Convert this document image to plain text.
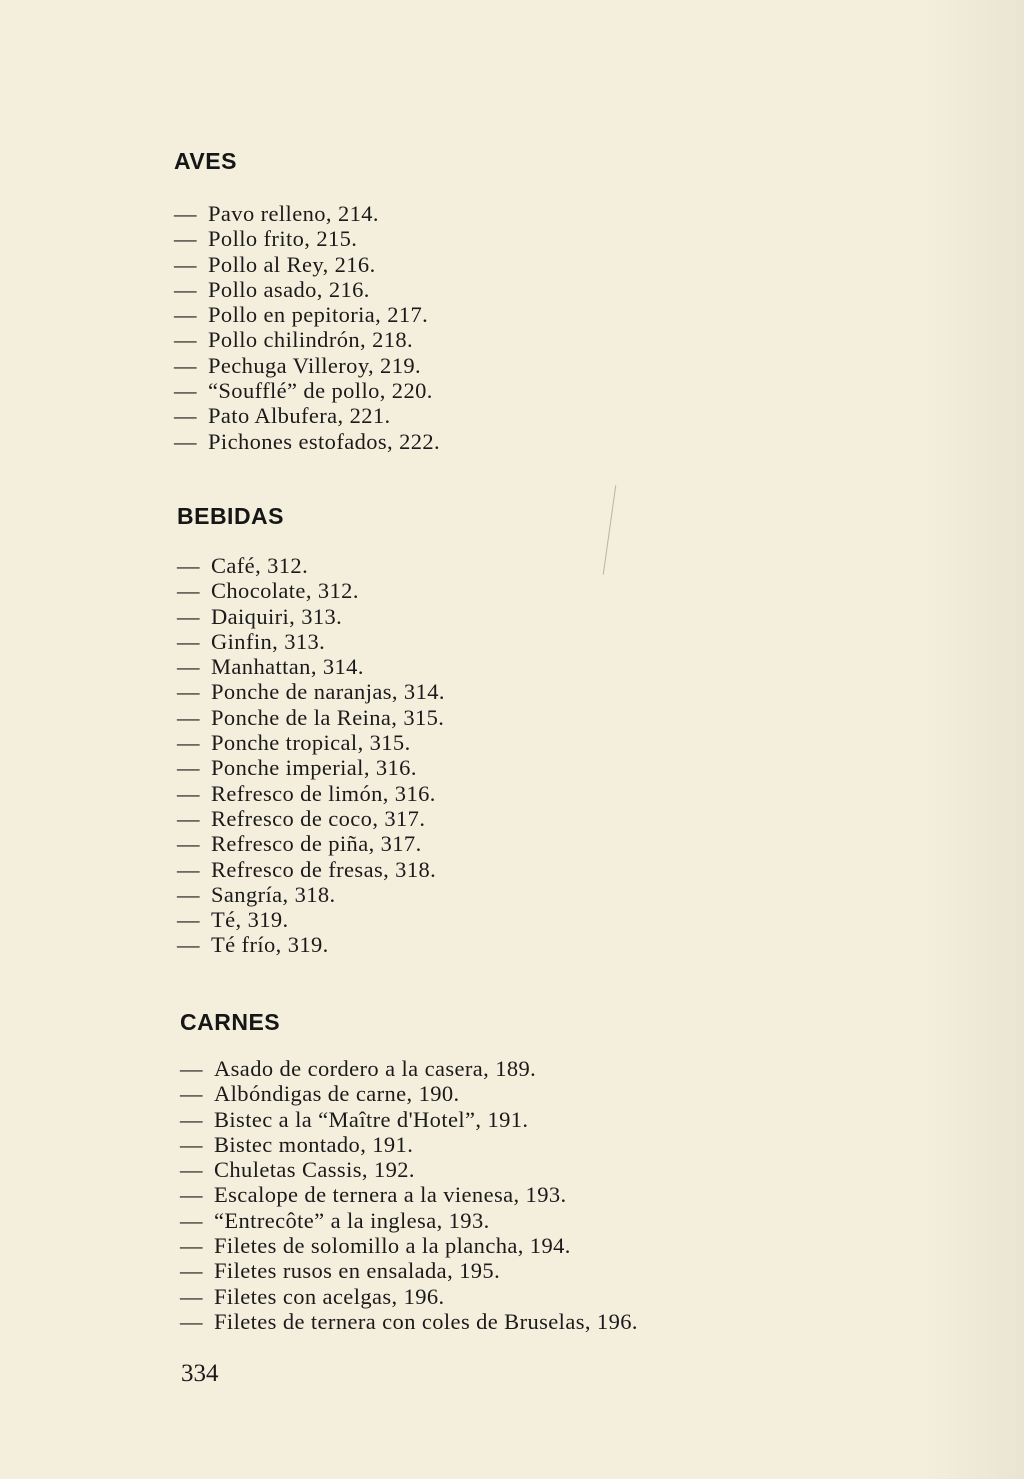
AVES
— Pavo relleno, 214.
— Pollo frito, 215.
— Pollo al Rey, 216.
— Pollo asado, 216.
— Pollo en pepitoria, 217.
— Pollo chilindrón, 218.
— Pechuga Villeroy, 219.
— “Soufflé” de pollo, 220.
— Pato Albufera, 221.
— Pichones estofados, 222.
BEBIDAS
— Café, 312.
— Chocolate, 312.
— Daiquiri, 313.
— Ginfin, 313.
— Manhattan, 314.
— Ponche de naranjas, 314.
— Ponche de la Reina, 315.
— Ponche tropical, 315.
— Ponche imperial, 316.
— Refresco de limón, 316.
— Refresco de coco, 317.
— Refresco de piña, 317.
— Refresco de fresas, 318.
— Sangría, 318.
— Té, 319.
— Té frío, 319.
CARNES
— Asado de cordero a la casera, 189.
— Albóndigas de carne, 190.
— Bistec a la “Maître d'Hotel”, 191.
— Bistec montado, 191.
— Chuletas Cassis, 192.
— Escalope de ternera a la vienesa, 193.
— “Entrecôte” a la inglesa, 193.
— Filetes de solomillo a la plancha, 194.
— Filetes rusos en ensalada, 195.
— Filetes con acelgas, 196.
— Filetes de ternera con coles de Bruselas, 196.

334
